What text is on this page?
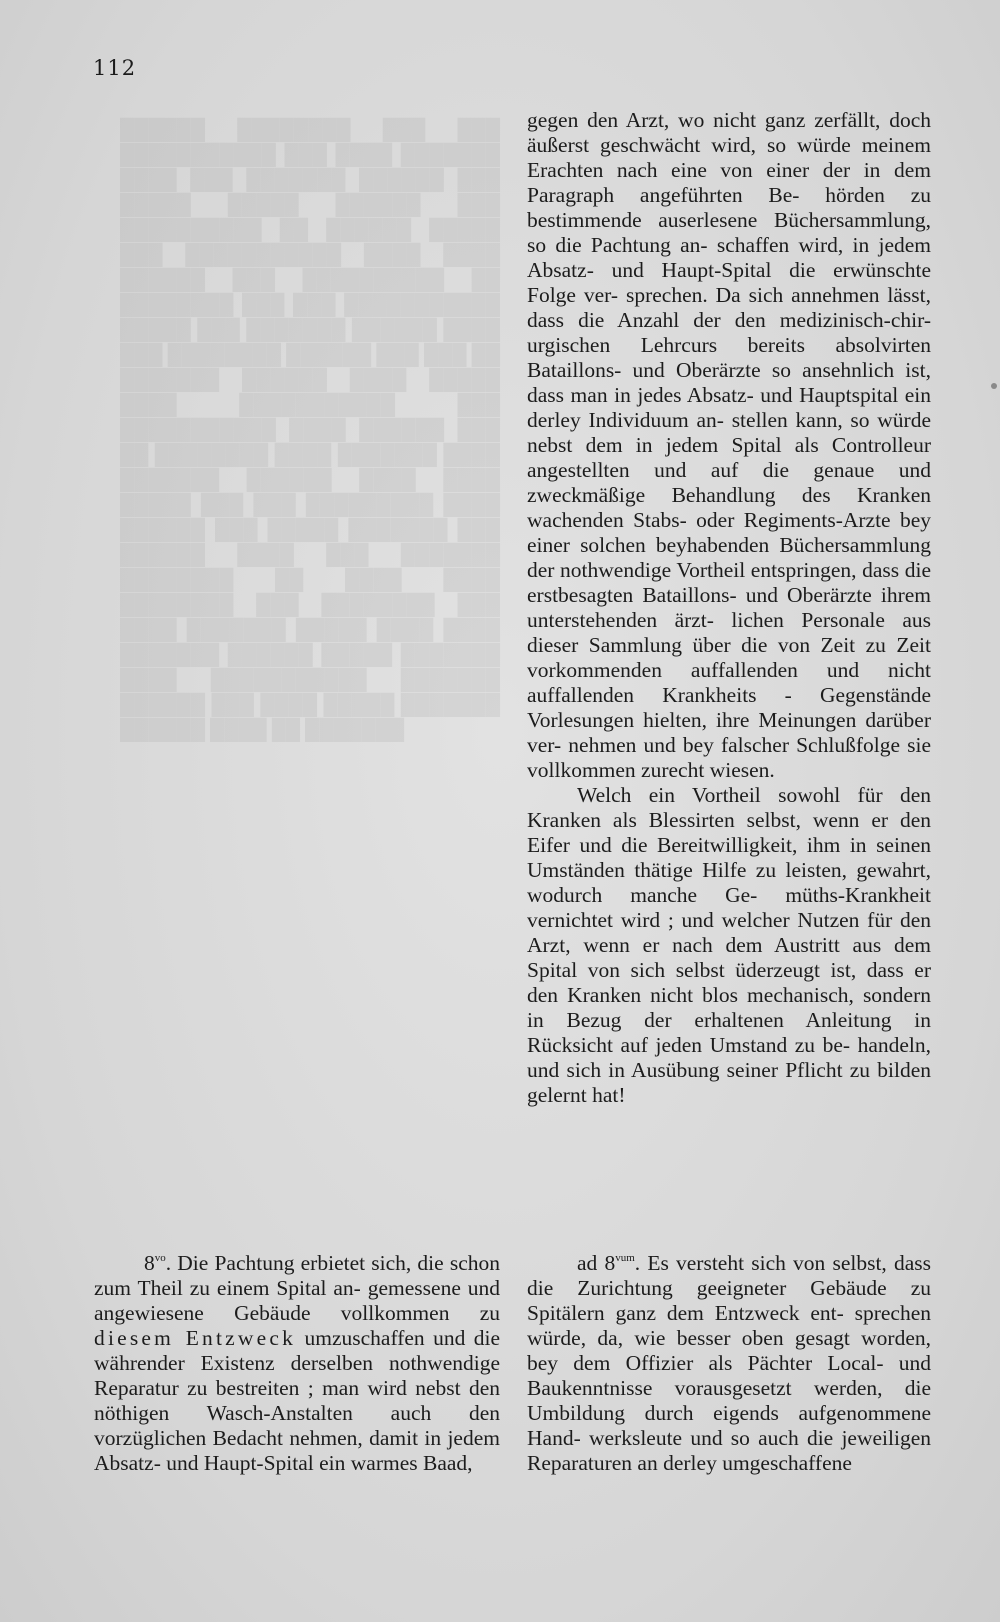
██████ ████████ ███ ███ ███████████ ███ ████ ███████ ████ ███ ███████ ██████ ███ █████ █████ ██████ ███ ██████████ ██ ██████ █████ ███ ███████████ ████ ████ ██████ ███ ██████████ ██ ████████ ███ ███ ███████████ █████ ███ ███████ ██████ ████ ███ ████████ ██████ ███ ███ ██ ███████ ██████ ████ █████ ████ ███████████ ███ ███████████ ████ ██████ ███ ██ ████████ ████ ███████ ████ ███████ ██████ ████ ████ █████ ███ ███ █████████ ████ ██████ ███ █████ ███████ ███ ██████ ████ ███ ███████ ████████ ██ ████ ████ ████████ ███ ████████ ███ ████ ███████ █████ ████ ████ ███████ ██████ █████ ███████ ████ ███████████ ███████ ██████ ███ ████ █████ ███████ ██████ ████ ██ ███████
112

gegen den Arzt, wo nicht ganz zerfällt, doch äußerst geschwächt wird, so würde meinem Erachten nach eine von einer der in dem Paragraph angeführten Be- hörden zu bestimmende auserlesene Büchersammlung, so die Pachtung an- schaffen wird, in jedem Absatz- und Haupt-Spital die erwünschte Folge ver- sprechen. Da sich annehmen lässt, dass die Anzahl der den medizinisch-chir- urgischen Lehrcurs bereits absolvirten Bataillons- und Oberärzte so ansehnlich ist, dass man in jedes Absatz- und Hauptspital ein derley Individuum an- stellen kann, so würde nebst dem in jedem Spital als Controlleur angestellten und auf die genaue und zweckmäßige Behandlung des Kranken wachenden Stabs- oder Regiments-Arzte bey einer solchen beyhabenden Büchersammlung der nothwendige Vortheil entspringen, dass die erstbesagten Bataillons- und Oberärzte ihrem unterstehenden ärzt- lichen Personale aus dieser Sammlung über die von Zeit zu Zeit vorkommenden auffallenden und nicht auffallenden Krankheits - Gegenstände Vorlesungen hielten, ihre Meinungen darüber ver- nehmen und bey falscher Schlußfolge sie vollkommen zurecht wiesen.

Welch ein Vortheil sowohl für den Kranken als Blessirten selbst, wenn er den Eifer und die Bereitwilligkeit, ihm in seinen Umständen thätige Hilfe zu leisten, gewahrt, wodurch manche Ge- müths-Krankheit vernichtet wird ; und welcher Nutzen für den Arzt, wenn er nach dem Austritt aus dem Spital von sich selbst üderzeugt ist, dass er den Kranken nicht blos mechanisch, sondern in Bezug der erhaltenen Anleitung in Rücksicht auf jeden Umstand zu be- handeln, und sich in Ausübung seiner Pflicht zu bilden gelernt hat!

$8^{vo}$. Die Pachtung erbietet sich, die schon zum Theil zu einem Spital an- gemessene und angewiesene Gebäude vollkommen zu diesem Entzweck umzuschaffen und die währender Existenz derselben nothwendige Reparatur zu bestreiten ; man wird nebst den nöthigen Wasch-Anstalten auch den vorzüglichen Bedacht nehmen, damit in jedem Absatz- und Haupt-Spital ein warmes Baad,

ad $8^{vum}$. Es versteht sich von selbst, dass die Zurichtung geeigneter Gebäude zu Spitälern ganz dem Entzweck ent- sprechen würde, da, wie besser oben gesagt worden, bey dem Offizier als Pächter Local- und Baukenntnisse vorausgesetzt werden, die Umbildung durch eigends aufgenommene Hand- werksleute und so auch die jeweiligen Reparaturen an derley umgeschaffene
